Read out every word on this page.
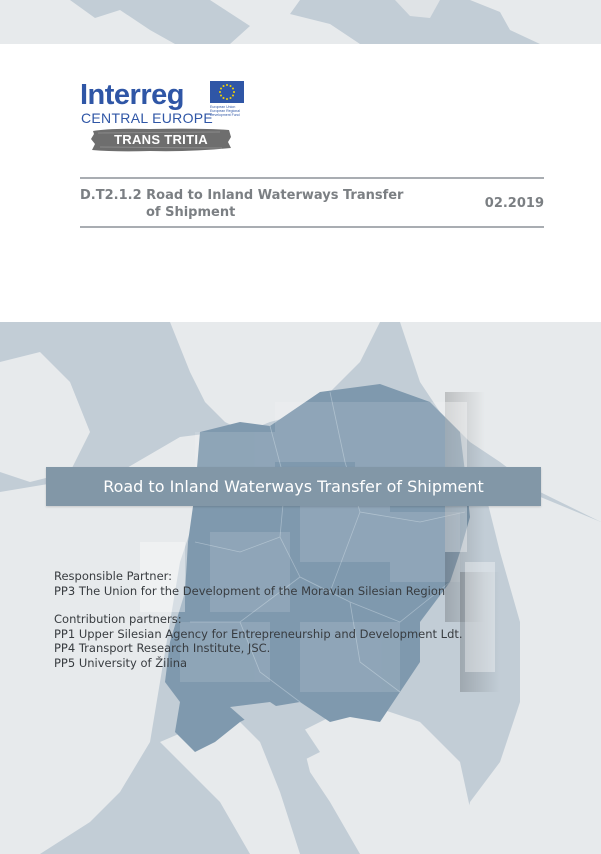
Interreg
CENTRAL EUROPE
European Union
European Regional
Development Fund
TRANS TRITIA
D.T2.1.2 Road to Inland Waterways Transfer
of Shipment
02.2019
Road to Inland Waterways Transfer of Shipment
Responsible Partner:
PP3 The Union for the Development of the Moravian Silesian Region
Contribution partners:
PP1 Upper Silesian Agency for Entrepreneurship and Development Ldt.
PP4 Transport Research Institute, JSC.
PP5 University of Žilina
